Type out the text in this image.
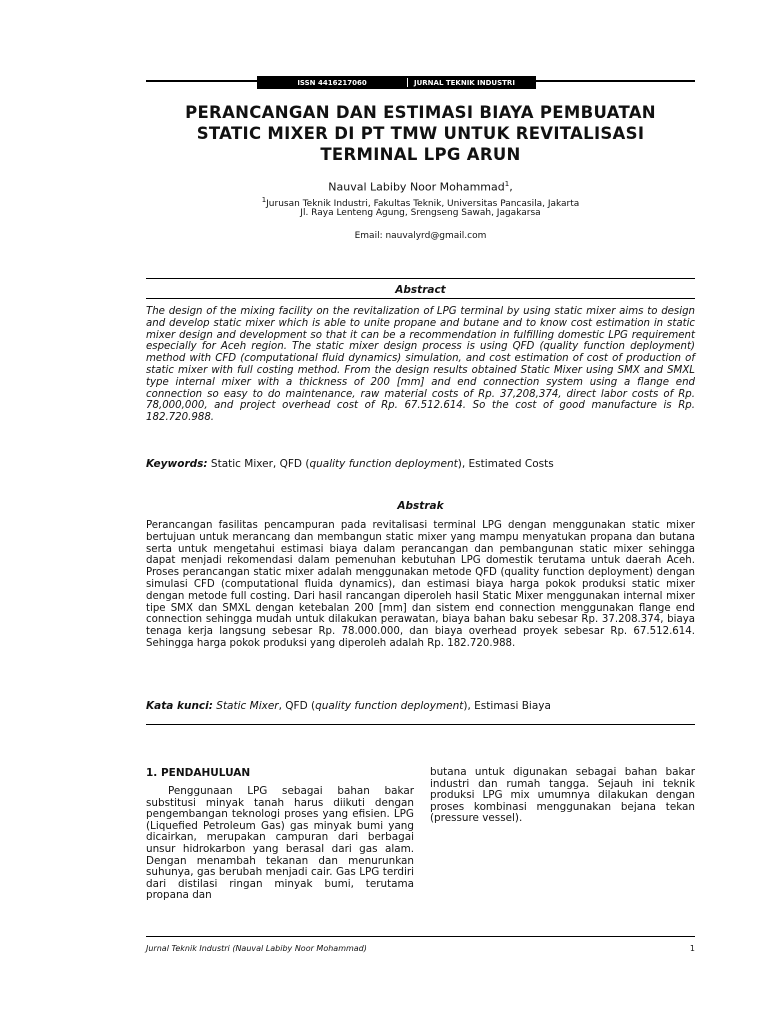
ISSN 4416217060	JURNAL TEKNIK INDUSTRI
PERANCANGAN DAN ESTIMASI BIAYA PEMBUATAN
STATIC MIXER DI PT TMW UNTUK REVITALISASI
TERMINAL LPG ARUN
Nauval Labiby Noor Mohammad$^1$,
$^1$Jurusan Teknik Industri, Fakultas Teknik, Universitas Pancasila, Jakarta
Jl. Raya Lenteng Agung, Srengseng Sawah, Jagakarsa
Email: nauvalyrd@gmail.com
Abstract
The design of the mixing facility on the revitalization of LPG terminal by using static mixer aims to design and develop static mixer which is able to unite propane and butane and to know cost estimation in static mixer design and development so that it can be a recommendation in fulfilling domestic LPG requirement especially for Aceh region. The static mixer design process is using QFD (quality function deployment) method with CFD (computational fluid dynamics) simulation, and cost estimation of cost of production of static mixer with full costing method. From the design results obtained Static Mixer using SMX and SMXL type internal mixer with a thickness of 200 [mm] and end connection system using a flange end connection so easy to do maintenance, raw material costs of Rp. 37,208,374, direct labor costs of Rp. 78,000,000, and project overhead cost of Rp. 67.512.614. So the cost of good manufacture is Rp. 182.720.988.
Keywords: Static Mixer, QFD (quality function deployment), Estimated Costs
Abstrak
Perancangan fasilitas pencampuran pada revitalisasi terminal LPG dengan menggunakan static mixer bertujuan untuk merancang dan membangun static mixer yang mampu menyatukan propana dan butana serta untuk mengetahui estimasi biaya dalam perancangan dan pembangunan static mixer sehingga dapat menjadi rekomendasi dalam pemenuhan kebutuhan LPG domestik terutama untuk daerah Aceh. Proses perancangan static mixer adalah menggunakan metode QFD (quality function deployment) dengan simulasi CFD (computational fluida dynamics), dan estimasi biaya harga pokok produksi static mixer dengan metode full costing. Dari hasil rancangan diperoleh hasil Static Mixer menggunakan internal mixer tipe SMX dan SMXL dengan ketebalan 200 [mm] dan sistem end connection menggunakan flange end connection sehingga mudah untuk dilakukan perawatan, biaya bahan baku sebesar Rp. 37.208.374, biaya tenaga kerja langsung sebesar Rp. 78.000.000, dan biaya overhead proyek sebesar Rp. 67.512.614. Sehingga harga pokok produksi yang diperoleh adalah Rp. 182.720.988.
Kata kunci: Static Mixer, QFD (quality function deployment), Estimasi Biaya
1. PENDAHULUAN
Penggunaan LPG sebagai bahan bakar substitusi minyak tanah harus diikuti dengan pengembangan teknologi proses yang efisien. LPG (Liquefied Petroleum Gas) gas minyak bumi yang dicairkan, merupakan campuran dari berbagai unsur hidrokarbon yang berasal dari gas alam. Dengan menambah tekanan dan menurunkan suhunya, gas berubah menjadi cair. Gas LPG terdiri dari distilasi ringan minyak bumi, terutama propana dan
butana untuk digunakan sebagai bahan bakar industri dan rumah tangga. Sejauh ini teknik produksi LPG mix umumnya dilakukan dengan proses kombinasi menggunakan bejana tekan (pressure vessel).
Jurnal Teknik Industri (Nauval Labiby Noor Mohammad)	1
